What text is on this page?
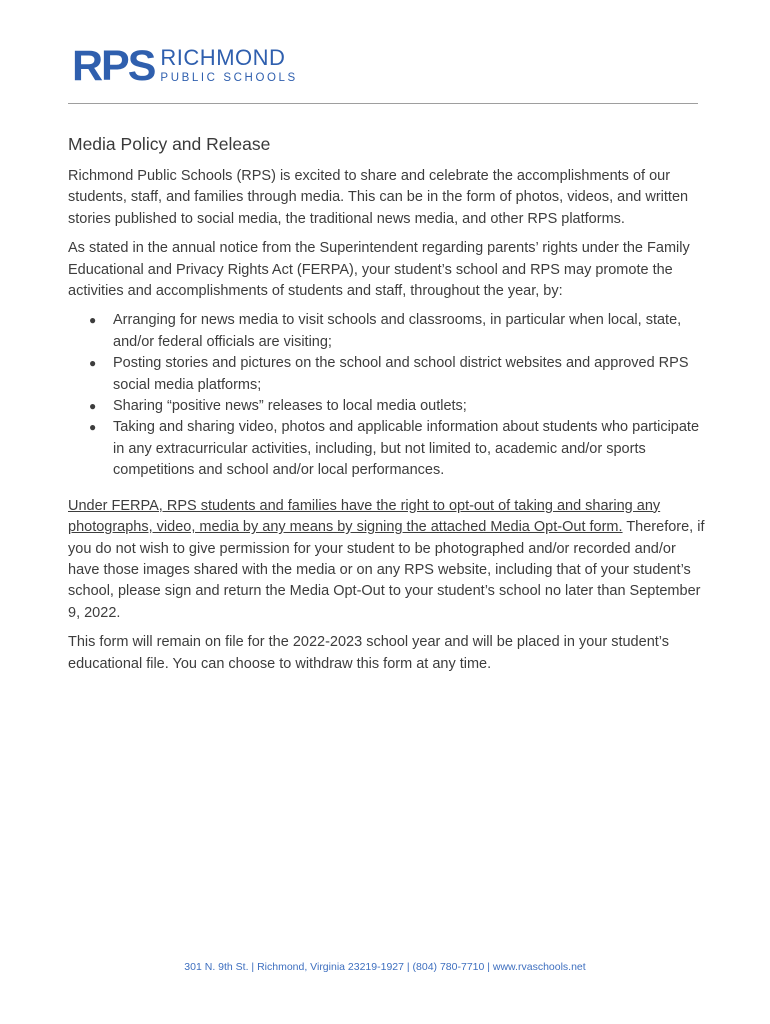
RPS RICHMOND
PUBLIC SCHOOLS
Media Policy and Release

Richmond Public Schools (RPS) is excited to share and celebrate the accomplishments of our students, staff, and families through media. This can be in the form of photos, videos, and written stories published to social media, the traditional news media, and other RPS platforms.

As stated in the annual notice from the Superintendent regarding parents’ rights under the Family Educational and Privacy Rights Act (FERPA), your student’s school and RPS may promote the activities and accomplishments of students and staff, throughout the year, by:

● Arranging for news media to visit schools and classrooms, in particular when local, state, and/or federal officials are visiting;
● Posting stories and pictures on the school and school district websites and approved RPS social media platforms;
● Sharing “positive news” releases to local media outlets;
● Taking and sharing video, photos and applicable information about students who participate in any extracurricular activities, including, but not limited to, academic and/or sports competitions and school and/or local performances.

Under FERPA, RPS students and families have the right to opt-out of taking and sharing any photographs, video, media by any means by signing the attached Media Opt-Out form. Therefore, if you do not wish to give permission for your student to be photographed and/or recorded and/or have those images shared with the media or on any RPS website, including that of your student’s school, please sign and return the Media Opt-Out to your student’s school no later than September 9, 2022.

This form will remain on file for the 2022-2023 school year and will be placed in your student’s educational file. You can choose to withdraw this form at any time.

301 N. 9th St. | Richmond, Virginia 23219-1927 | (804) 780-7710 | www.rvaschools.net
